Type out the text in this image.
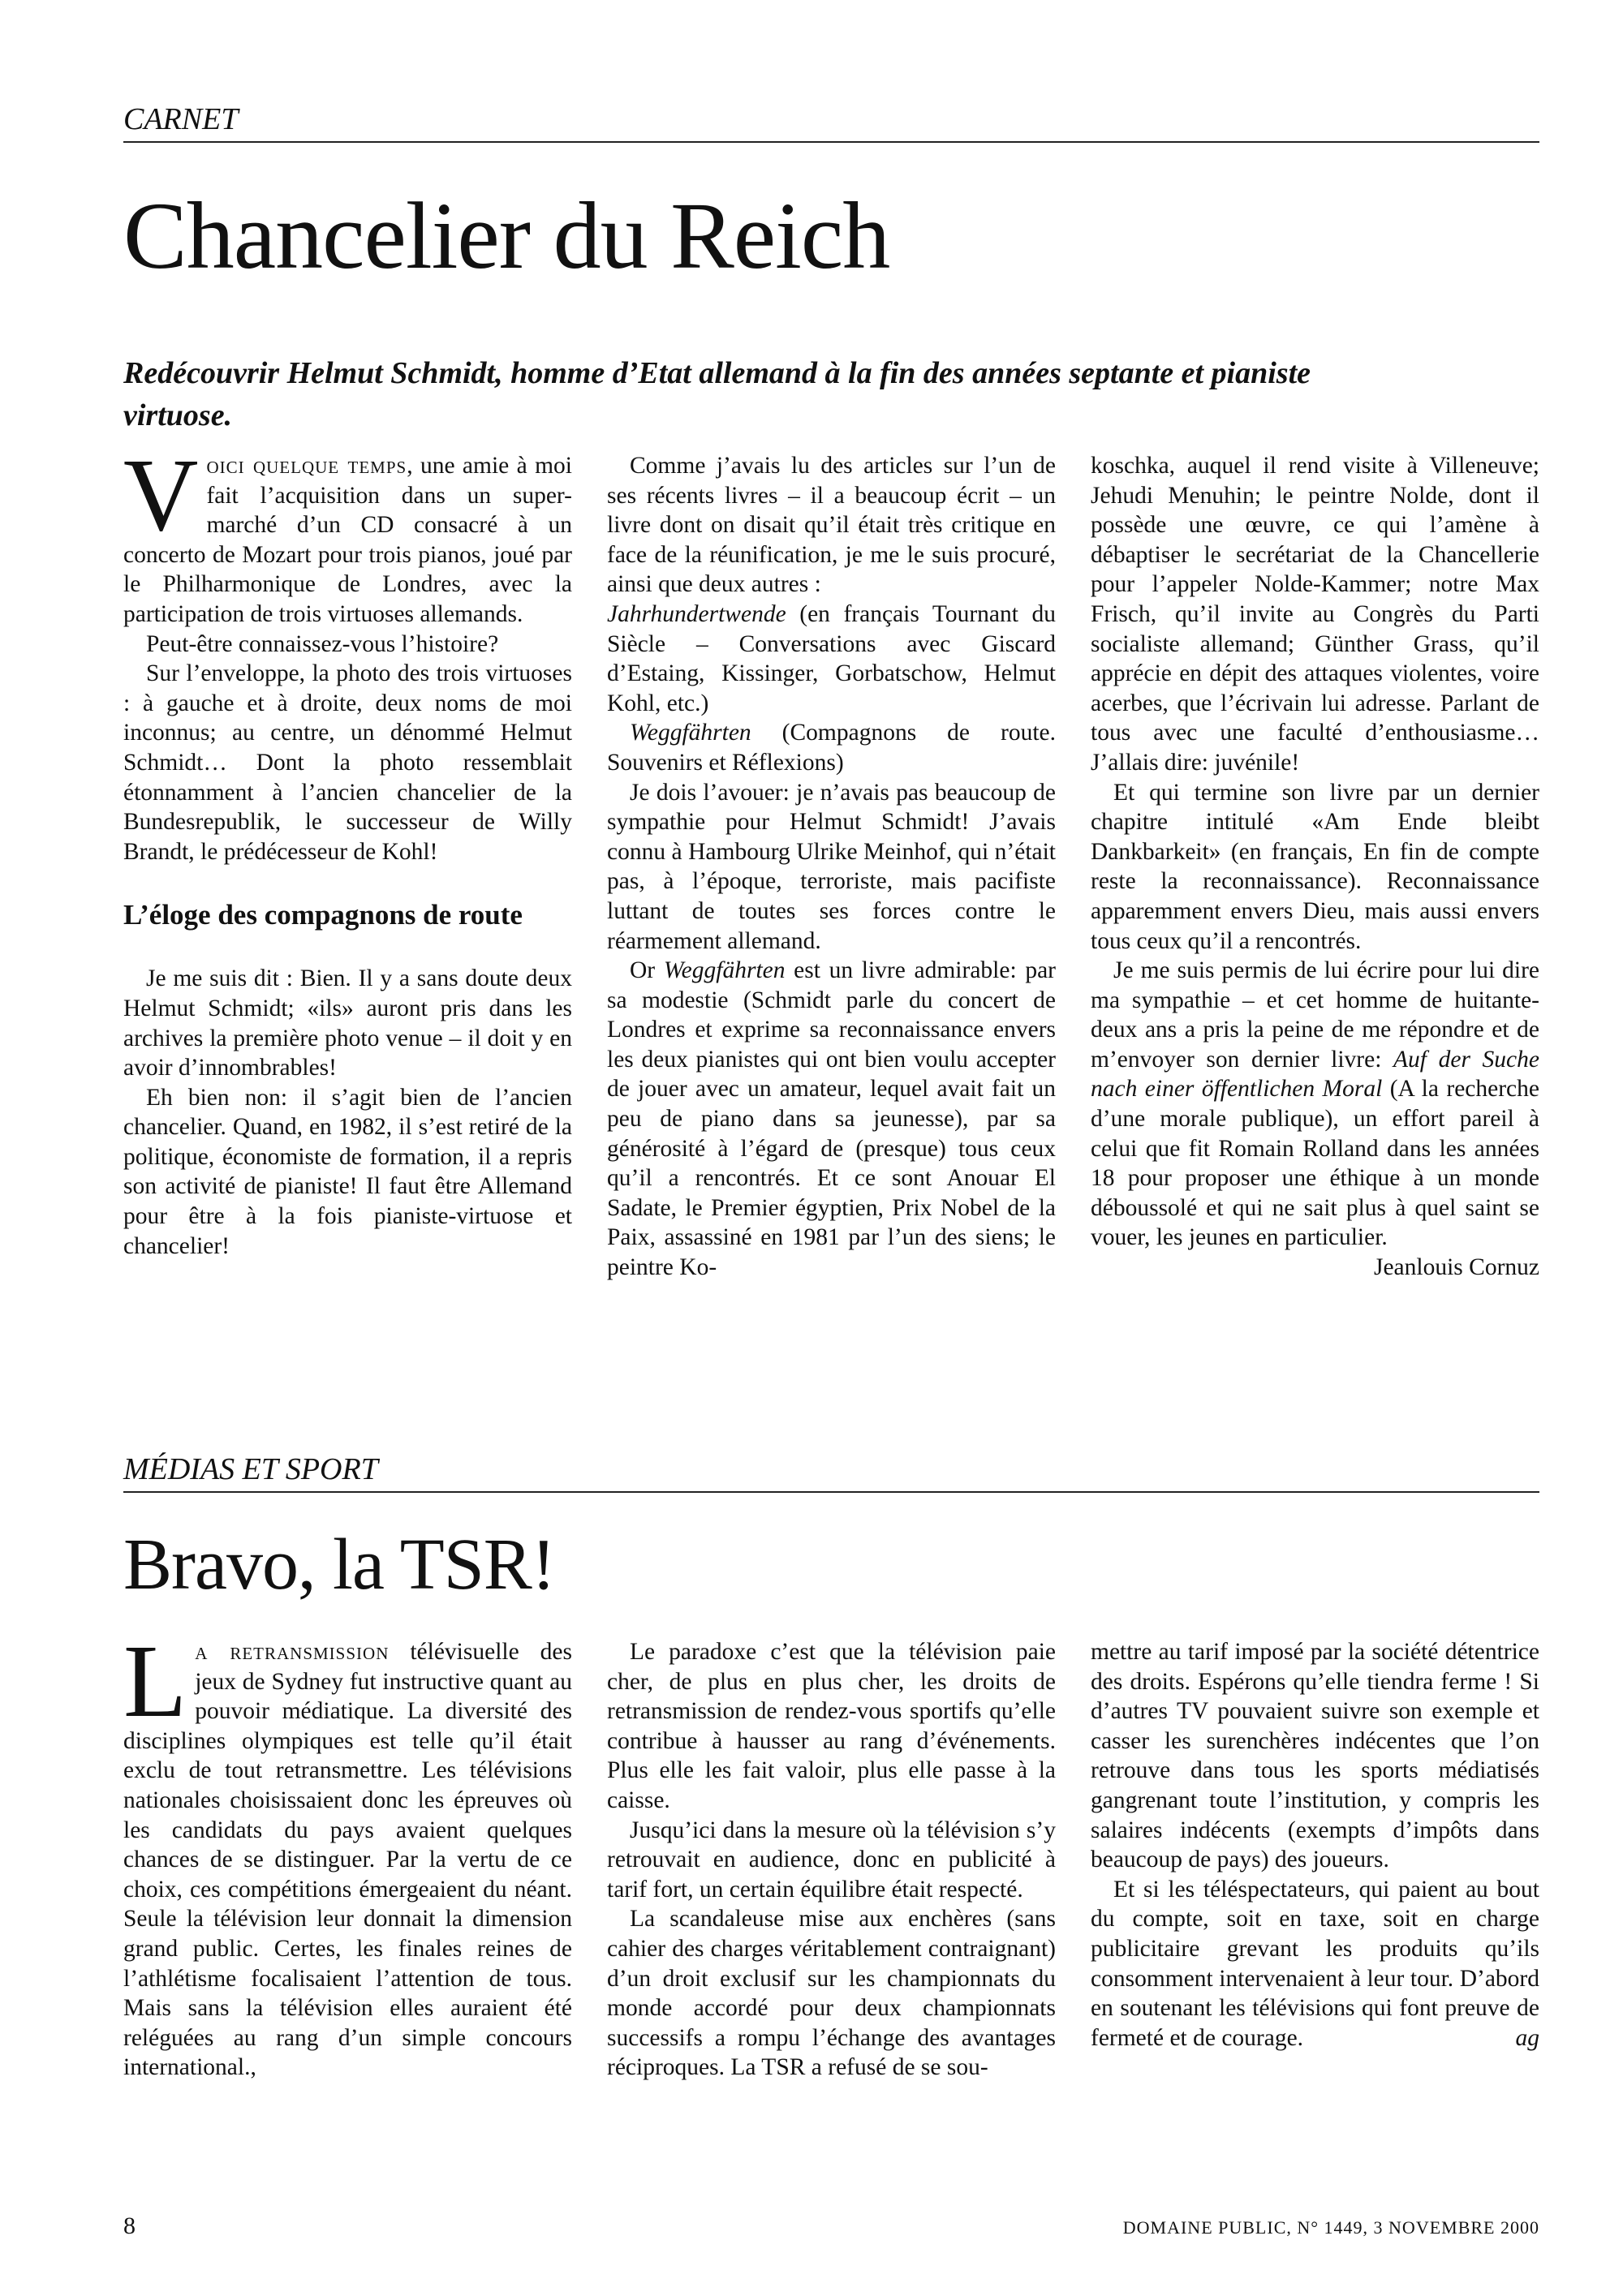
CARNET
Chancelier du Reich

Redécouvrir Helmut Schmidt, homme d’Etat allemand à la fin des années septante et pianiste virtuose.

Voici quelque temps, une amie à moi fait l’acquisition dans un super-marché d’un CD consacré à un concerto de Mozart pour trois pianos, joué par le Philharmonique de Londres, avec la participation de trois virtuoses allemands.

Peut-être connaissez-vous l’histoire?

Sur l’enveloppe, la photo des trois virtuoses : à gauche et à droite, deux noms de moi inconnus; au centre, un dénommé Helmut Schmidt… Dont la photo ressemblait étonnamment à l’ancien chancelier de la Bundesrepublik, le successeur de Willy Brandt, le prédécesseur de Kohl!

L’éloge des compagnons de route

Je me suis dit : Bien. Il y a sans doute deux Helmut Schmidt; «ils» auront pris dans les archives la première photo venue – il doit y en avoir d’innombrables!

Eh bien non: il s’agit bien de l’ancien chancelier. Quand, en 1982, il s’est retiré de la politique, économiste de formation, il a repris son activité de pianiste! Il faut être Allemand pour être à la fois pianiste-virtuose et chancelier!

Comme j’avais lu des articles sur l’un de ses récents livres – il a beaucoup écrit – un livre dont on disait qu’il était très critique en face de la réunification, je me le suis procuré, ainsi que deux autres :

Jahrhundertwende (en français Tournant du Siècle – Conversations avec Giscard d’Estaing, Kissinger, Gorbatschow, Helmut Kohl, etc.)

Weggfährten (Compagnons de route. Souvenirs et Réflexions)

Je dois l’avouer: je n’avais pas beaucoup de sympathie pour Helmut Schmidt! J’avais connu à Hambourg Ulrike Meinhof, qui n’était pas, à l’époque, terroriste, mais pacifiste luttant de toutes ses forces contre le réarmement allemand.

Or Weggfährten est un livre admirable: par sa modestie (Schmidt parle du concert de Londres et exprime sa reconnaissance envers les deux pianistes qui ont bien voulu accepter de jouer avec un amateur, lequel avait fait un peu de piano dans sa jeunesse), par sa générosité à l’égard de (presque) tous ceux qu’il a rencontrés. Et ce sont Anouar El Sadate, le Premier égyptien, Prix Nobel de la Paix, assassiné en 1981 par l’un des siens; le peintre Ko-

koschka, auquel il rend visite à Villeneuve; Jehudi Menuhin; le peintre Nolde, dont il possède une œuvre, ce qui l’amène à débaptiser le secrétariat de la Chancellerie pour l’appeler Nolde-Kammer; notre Max Frisch, qu’il invite au Congrès du Parti socialiste allemand; Günther Grass, qu’il apprécie en dépit des attaques violentes, voire acerbes, que l’écrivain lui adresse. Parlant de tous avec une faculté d’enthousiasme… J’allais dire: juvénile!

Et qui termine son livre par un dernier chapitre intitulé «Am Ende bleibt Dankbarkeit» (en français, En fin de compte reste la reconnaissance). Reconnaissance apparemment envers Dieu, mais aussi envers tous ceux qu’il a rencontrés.

Je me suis permis de lui écrire pour lui dire ma sympathie – et cet homme de huitante-deux ans a pris la peine de me répondre et de m’envoyer son dernier livre: Auf der Suche nach einer öffentlichen Moral (A la recherche d’une morale publique), un effort pareil à celui que fit Romain Rolland dans les années 18 pour proposer une éthique à un monde déboussolé et qui ne sait plus à quel saint se vouer, les jeunes en particulier.

Jeanlouis Cornuz
MÉDIAS ET SPORT
Bravo, la TSR!

La retransmission télévisuelle des jeux de Sydney fut instructive quant au pouvoir médiatique. La diversité des disciplines olympiques est telle qu’il était exclu de tout retransmettre. Les télévisions nationales choisissaient donc les épreuves où les candidats du pays avaient quelques chances de se distinguer. Par la vertu de ce choix, ces compétitions émergeaient du néant. Seule la télévision leur donnait la dimension grand public. Certes, les finales reines de l’athlétisme focalisaient l’attention de tous. Mais sans la télévision elles auraient été reléguées au rang d’un simple concours international.,

Le paradoxe c’est que la télévision paie cher, de plus en plus cher, les droits de retransmission de rendez-vous sportifs qu’elle contribue à hausser au rang d’événements. Plus elle les fait valoir, plus elle passe à la caisse.

Jusqu’ici dans la mesure où la télévision s’y retrouvait en audience, donc en publicité à tarif fort, un certain équilibre était respecté.

La scandaleuse mise aux enchères (sans cahier des charges véritablement contraignant) d’un droit exclusif sur les championnats du monde accordé pour deux championnats successifs a rompu l’échange des avantages réciproques. La TSR a refusé de se sou-

mettre au tarif imposé par la société détentrice des droits. Espérons qu’elle tiendra ferme ! Si d’autres TV pouvaient suivre son exemple et casser les surenchères indécentes que l’on retrouve dans tous les sports médiatisés gangrenant toute l’institution, y compris les salaires indécents (exempts d’impôts dans beaucoup de pays) des joueurs.

Et si les téléspectateurs, qui paient au bout du compte, soit en taxe, soit en charge publicitaire grevant les produits qu’ils consomment intervenaient à leur tour. D’abord en soutenant les télévisions qui font preuve de fermeté et de courage.	ag

8	DOMAINE PUBLIC, N° 1449, 3 NOVEMBRE 2000
